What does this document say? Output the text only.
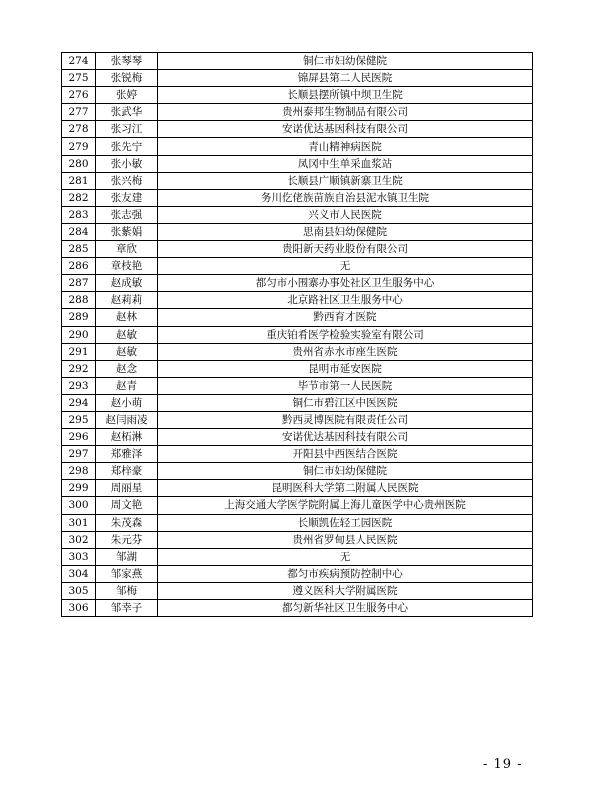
274	张琴琴	铜仁市妇幼保健院
275	张锐梅	锦屏县第二人民医院
276	张婷	长顺县摆所镇中坝卫生院
277	张武华	贵州泰邦生物制品有限公司
278	张习江	安诺优达基因科技有限公司
279	张先宁	青山精神病医院
280	张小敏	凤冈中生单采血浆站
281	张兴梅	长顺县广顺镇新寨卫生院
282	张友建	务川仡佬族苗族自治县泥水镇卫生院
283	张志强	兴义市人民医院
284	张紫娟	思南县妇幼保健院
285	章欣	贵阳新天药业股份有限公司
286	章枝艳	无
287	赵成敏	都匀市小围寨办事处社区卫生服务中心
288	赵莉莉	北京路社区卫生服务中心
289	赵林	黔西育才医院
290	赵敏	重庆铂肴医学检验实验室有限公司
291	赵敏	贵州省赤水市座生医院
292	赵念	昆明市延安医院
293	赵青	毕节市第一人民医院
294	赵小萌	铜仁市碧江区中医医院
295	赵闫雨凌	黔西灵博医院有限责任公司
296	赵柘淋	安诺优达基因科技有限公司
297	郑雅泽	开阳县中西医结合医院
298	郑梓豪	铜仁市妇幼保健院
299	周丽星	昆明医科大学第二附属人民医院
300	周文艳	上海交通大学医学院附属上海儿童医学中心贵州医院
301	朱茂森	长顺凯佐轻工园医院
302	朱元芬	贵州省罗甸县人民医院
303	邹湖	无
304	邹家燕	都匀市疾病预防控制中心
305	邹梅	遵义医科大学附属医院
306	邹幸子	都匀新华社区卫生服务中心
- 19 -
